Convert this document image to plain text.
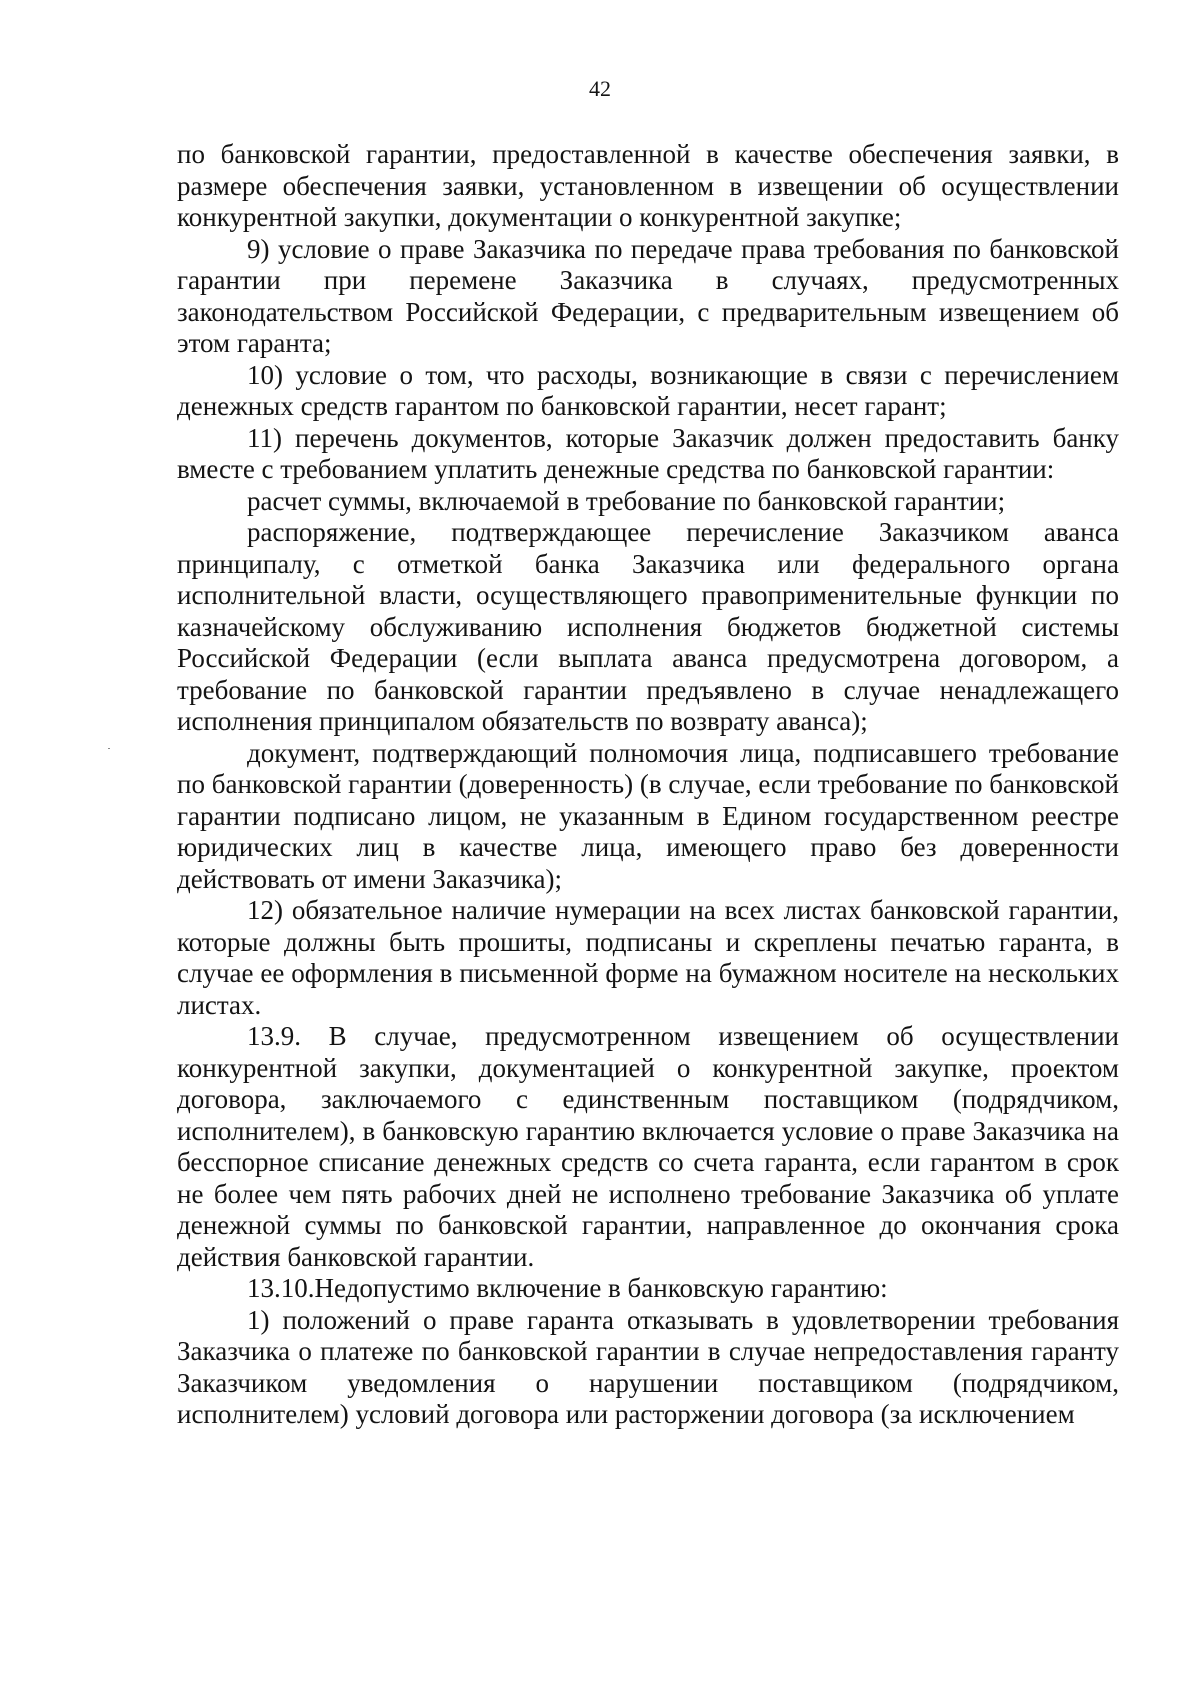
42

по банковской гарантии, предоставленной в качестве обеспечения заявки, в размере обеспечения заявки, установленном в извещении об осуществлении конкурентной закупки, документации о конкурентной закупке;

9) условие о праве Заказчика по передаче права требования по банковской гарантии при перемене Заказчика в случаях, предусмотренных законодательством Российской Федерации, с предварительным извещением об этом гаранта;

10) условие о том, что расходы, возникающие в связи с перечислением денежных средств гарантом по банковской гарантии, несет гарант;

11) перечень документов, которые Заказчик должен предоставить банку вместе с требованием уплатить денежные средства по банковской гарантии:

расчет суммы, включаемой в требование по банковской гарантии;

распоряжение, подтверждающее перечисление Заказчиком аванса принципалу, с отметкой банка Заказчика или федерального органа исполнительной власти, осуществляющего правоприменительные функции по казначейскому обслуживанию исполнения бюджетов бюджетной системы Российской Федерации (если выплата аванса предусмотрена договором, а требование по банковской гарантии предъявлено в случае ненадлежащего исполнения принципалом обязательств по возврату аванса);

документ, подтверждающий полномочия лица, подписавшего требование по банковской гарантии (доверенность) (в случае, если требование по банковской гарантии подписано лицом, не указанным в Едином государственном реестре юридических лиц в качестве лица, имеющего право без доверенности действовать от имени Заказчика);

12) обязательное наличие нумерации на всех листах банковской гарантии, которые должны быть прошиты, подписаны и скреплены печатью гаранта, в случае ее оформления в письменной форме на бумажном носителе на нескольких листах.

13.9. В случае, предусмотренном извещением об осуществлении конкурентной закупки, документацией о конкурентной закупке, проектом договора, заключаемого с единственным поставщиком (подрядчиком, исполнителем), в банковскую гарантию включается условие о праве Заказчика на бесспорное списание денежных средств со счета гаранта, если гарантом в срок не более чем пять рабочих дней не исполнено требование Заказчика об уплате денежной суммы по банковской гарантии, направленное до окончания срока действия банковской гарантии.

13.10.Недопустимо включение в банковскую гарантию:

1) положений о праве гаранта отказывать в удовлетворении требования Заказчика о платеже по банковской гарантии в случае непредоставления гаранту Заказчиком уведомления о нарушении поставщиком (подрядчиком, исполнителем) условий договора или расторжении договора (за исключением
